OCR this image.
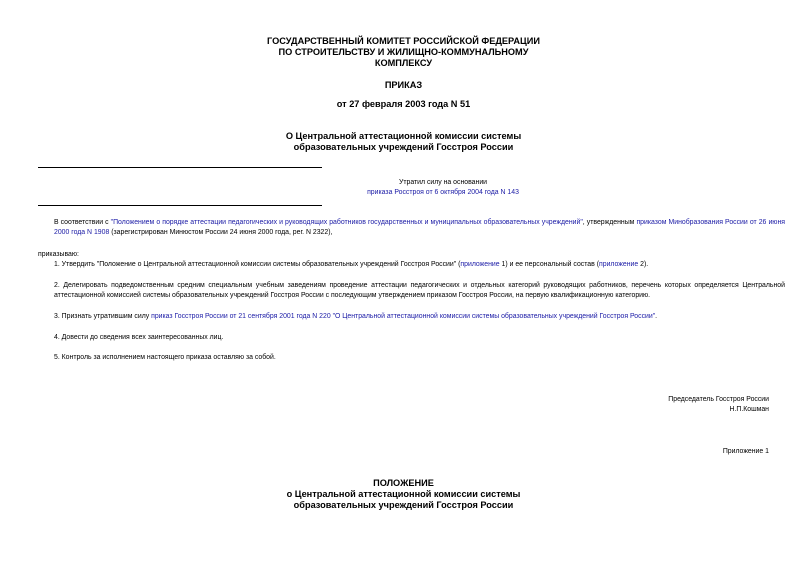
ГОСУДАРСТВЕННЫЙ КОМИТЕТ РОССИЙСКОЙ ФЕДЕРАЦИИ
ПО СТРОИТЕЛЬСТВУ И ЖИЛИЩНО-КОММУНАЛЬНОМУ
КОМПЛЕКСУ
ПРИКАЗ
от 27 февраля 2003 года N 51
О Центральной аттестационной комиссии системы
образовательных учреждений Госстроя России
Утратил силу на основании
приказа Росстроя от 6 октября 2004 года N 143
В соответствии с "Положением о порядке аттестации педагогических и руководящих работников государственных и муниципальных образовательных учреждений", утвержденным приказом Минобразования России от 26 июня 2000 года N 1908 (зарегистрирован Минюстом России 24 июня 2000 года, рег. N 2322),
приказываю:
1. Утвердить "Положение о Центральной аттестационной комиссии системы образовательных учреждений Госстроя России" (приложение 1) и ее персональный состав (приложение 2).
2. Делегировать подведомственным средним специальным учебным заведениям проведение аттестации педагогических и отдельных категорий руководящих работников, перечень которых определяется Центральной аттестационной комиссией системы образовательных учреждений Госстроя России с последующим утверждением приказом Госстроя России, на первую квалификационную категорию.
3. Признать утратившим силу приказ Госстроя России от 21 сентября 2001 года N 220 "О Центральной аттестационной комиссии системы образовательных учреждений Госстроя России".
4. Довести до сведения всех заинтересованных лиц.
5. Контроль за исполнением настоящего приказа оставляю за собой.
Председатель Госстроя России
Н.П.Кошман
Приложение 1
ПОЛОЖЕНИЕ
о Центральной аттестационной комиссии системы
образовательных учреждений Госстроя России
